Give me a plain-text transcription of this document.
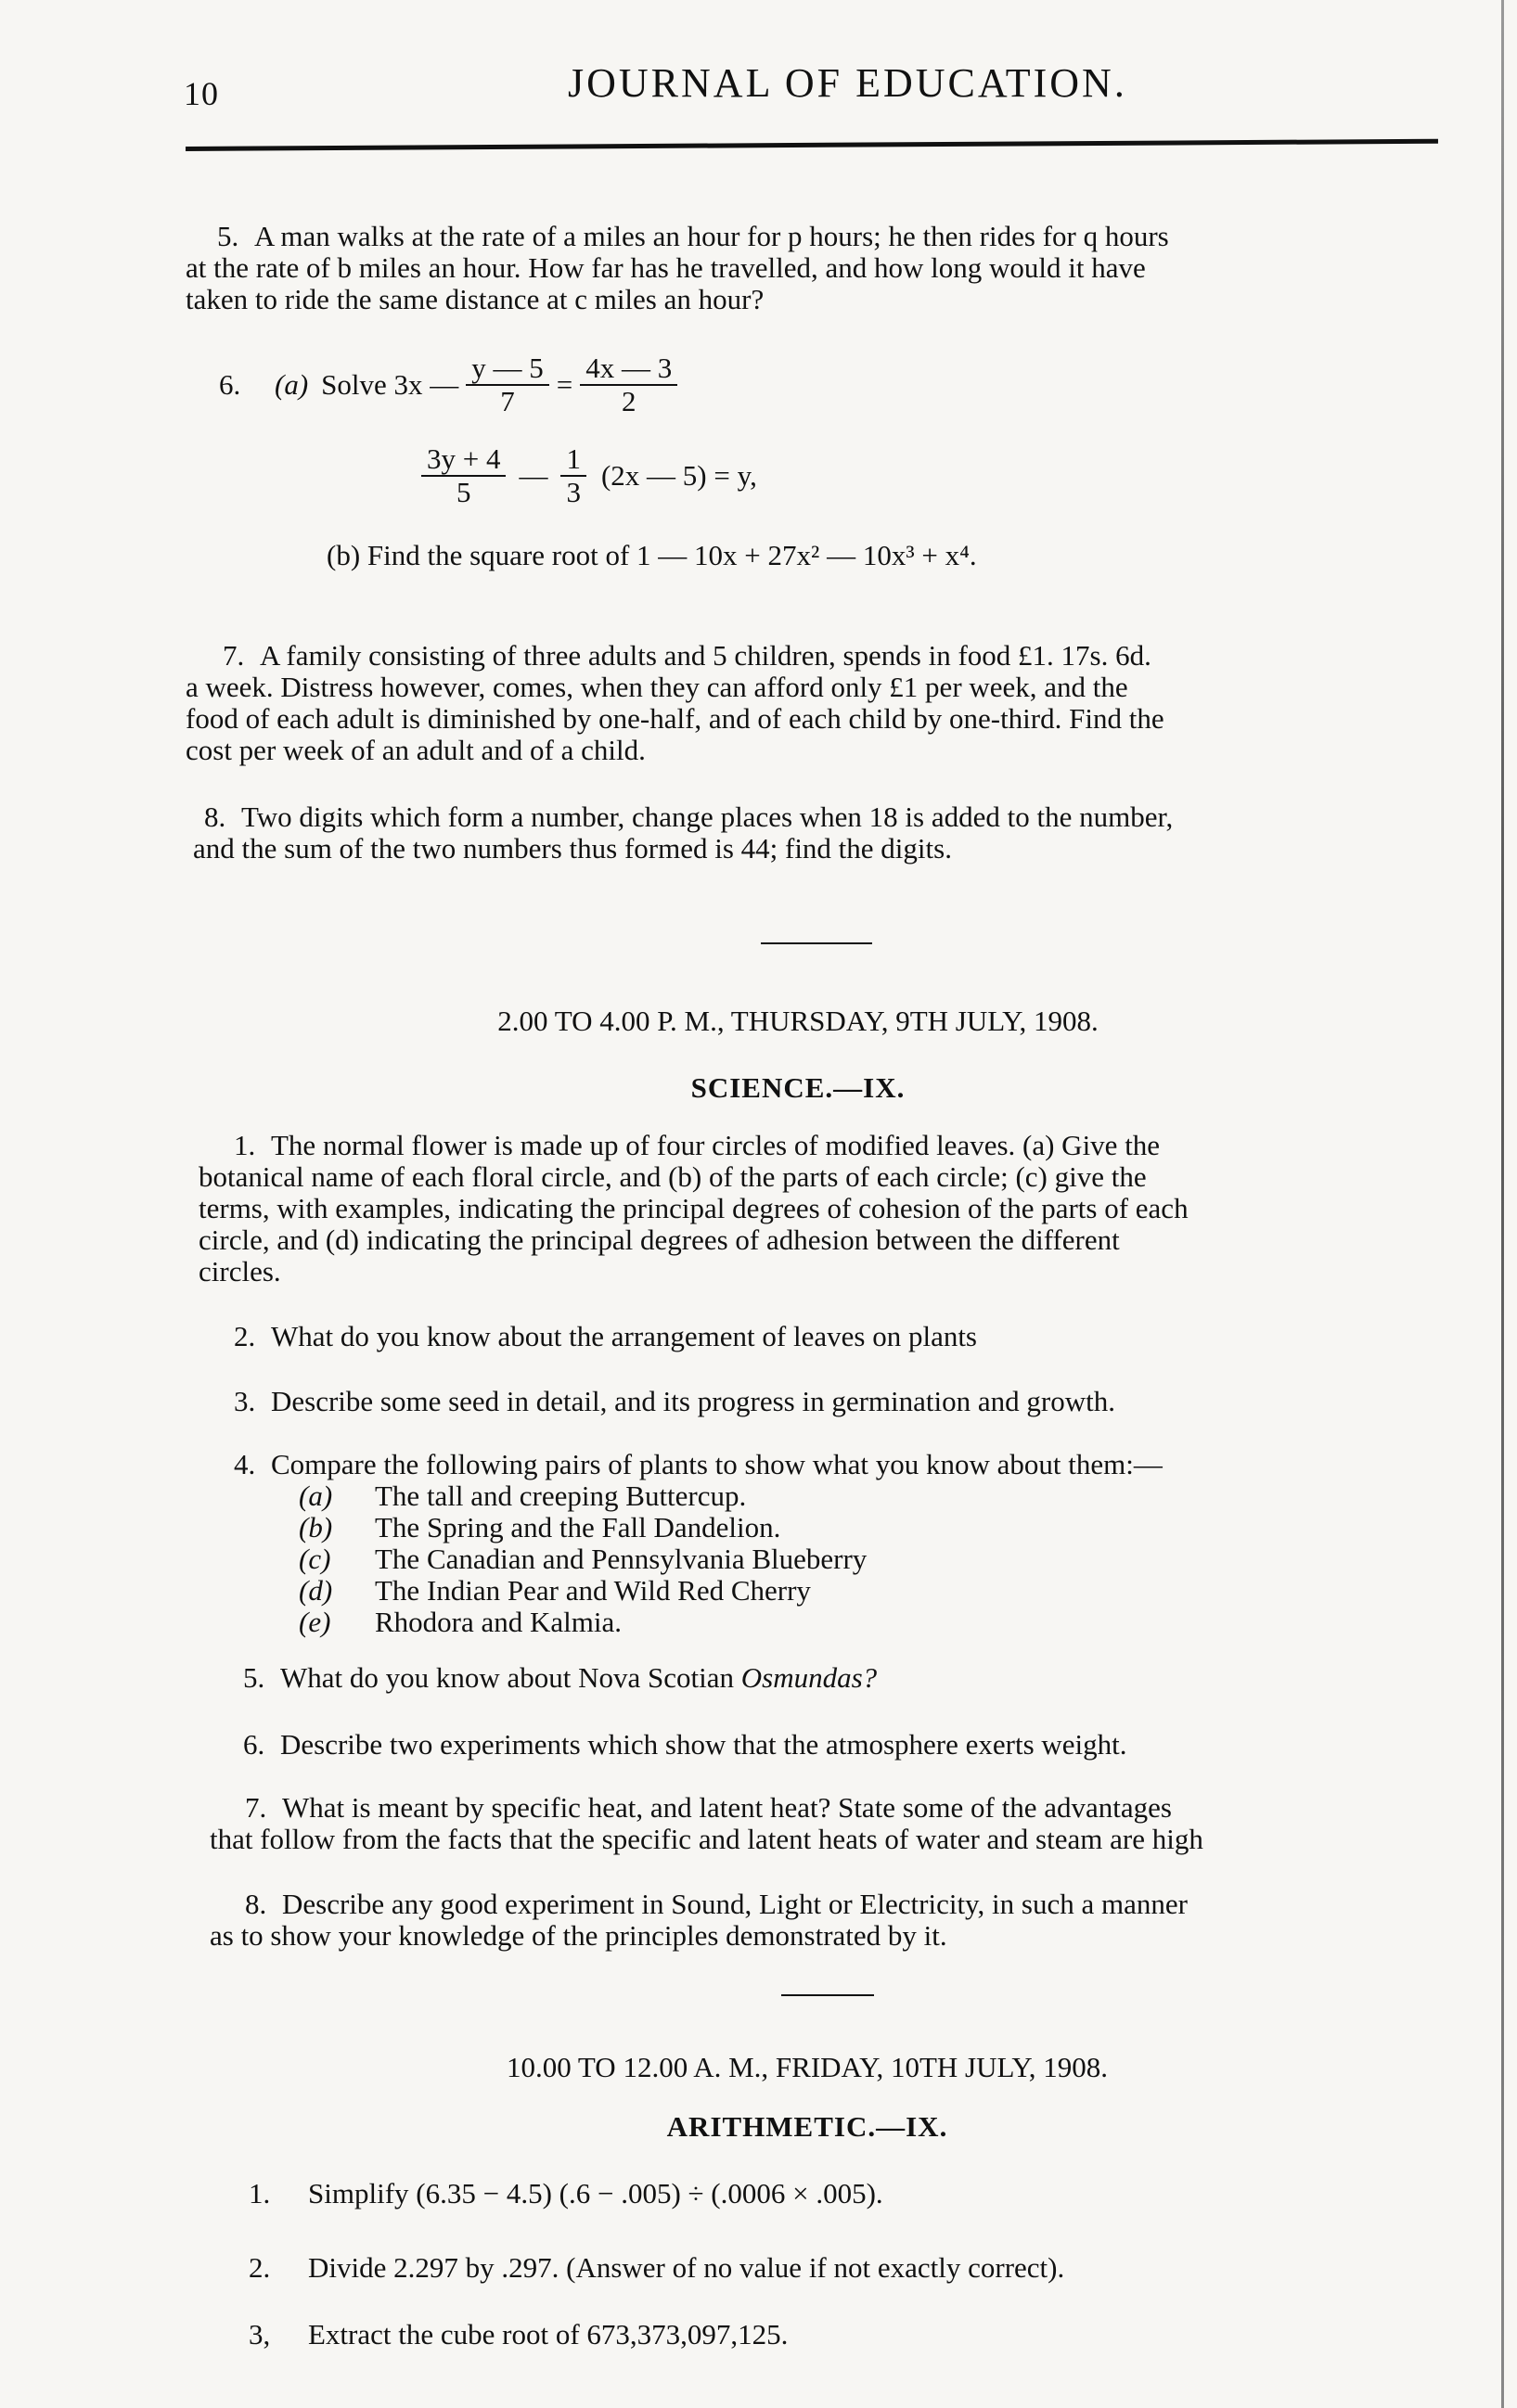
10	JOURNAL OF EDUCATION.
5. A man walks at the rate of a miles an hour for p hours; he then rides for q hours
at the rate of b miles an hour. How far has he travelled, and how long would it have
taken to ride the same distance at c miles an hour?
6.	(a) Solve 3x — $\frac{y — 5}{7} = \frac{4x — 3}{2}$
$\frac{3y + 4}{5}$ — $\frac{1}{3} (2x$ — 5) = y,
(b) Find the square root of 1 — 10x + 27x² — 10x³ + x⁴.
7. A family consisting of three adults and 5 children, spends in food £1. 17s. 6d.
a week. Distress however, comes, when they can afford only £1 per week, and the
food of each adult is diminished by one-half, and of each child by one-third. Find the
cost per week of an adult and of a child.
8. Two digits which form a number, change places when 18 is added to the number,
and the sum of the two numbers thus formed is 44; find the digits.
2.00 TO 4.00 P. M., THURSDAY, 9TH JULY, 1908.
SCIENCE.—IX.
1. The normal flower is made up of four circles of modified leaves. (a) Give the
botanical name of each floral circle, and (b) of the parts of each circle; (c) give the
terms, with examples, indicating the principal degrees of cohesion of the parts of each
circle, and (d) indicating the principal degrees of adhesion between the different
circles.
2. What do you know about the arrangement of leaves on plants
3. Describe some seed in detail, and its progress in germination and growth.
4. Compare the following pairs of plants to show what you know about them:—
(a) The tall and creeping Buttercup.
(b) The Spring and the Fall Dandelion.
(c) The Canadian and Pennsylvania Blueberry
(d) The Indian Pear and Wild Red Cherry
(e) Rhodora and Kalmia.
5. What do you know about Nova Scotian Osmundas?
6. Describe two experiments which show that the atmosphere exerts weight.
7. What is meant by specific heat, and latent heat? State some of the advantages
that follow from the facts that the specific and latent heats of water and steam are high
8. Describe any good experiment in Sound, Light or Electricity, in such a manner
as to show your knowledge of the principles demonstrated by it.
10.00 TO 12.00 A. M., FRIDAY, 10TH JULY, 1908.
ARITHMETIC.—IX.
1. Simplify (6.35 − 4.5) (.6 − .005) ÷ (.0006 × .005).
2. Divide 2.297 by .297. (Answer of no value if not exactly correct).
3, Extract the cube root of 673,373,097,125.
